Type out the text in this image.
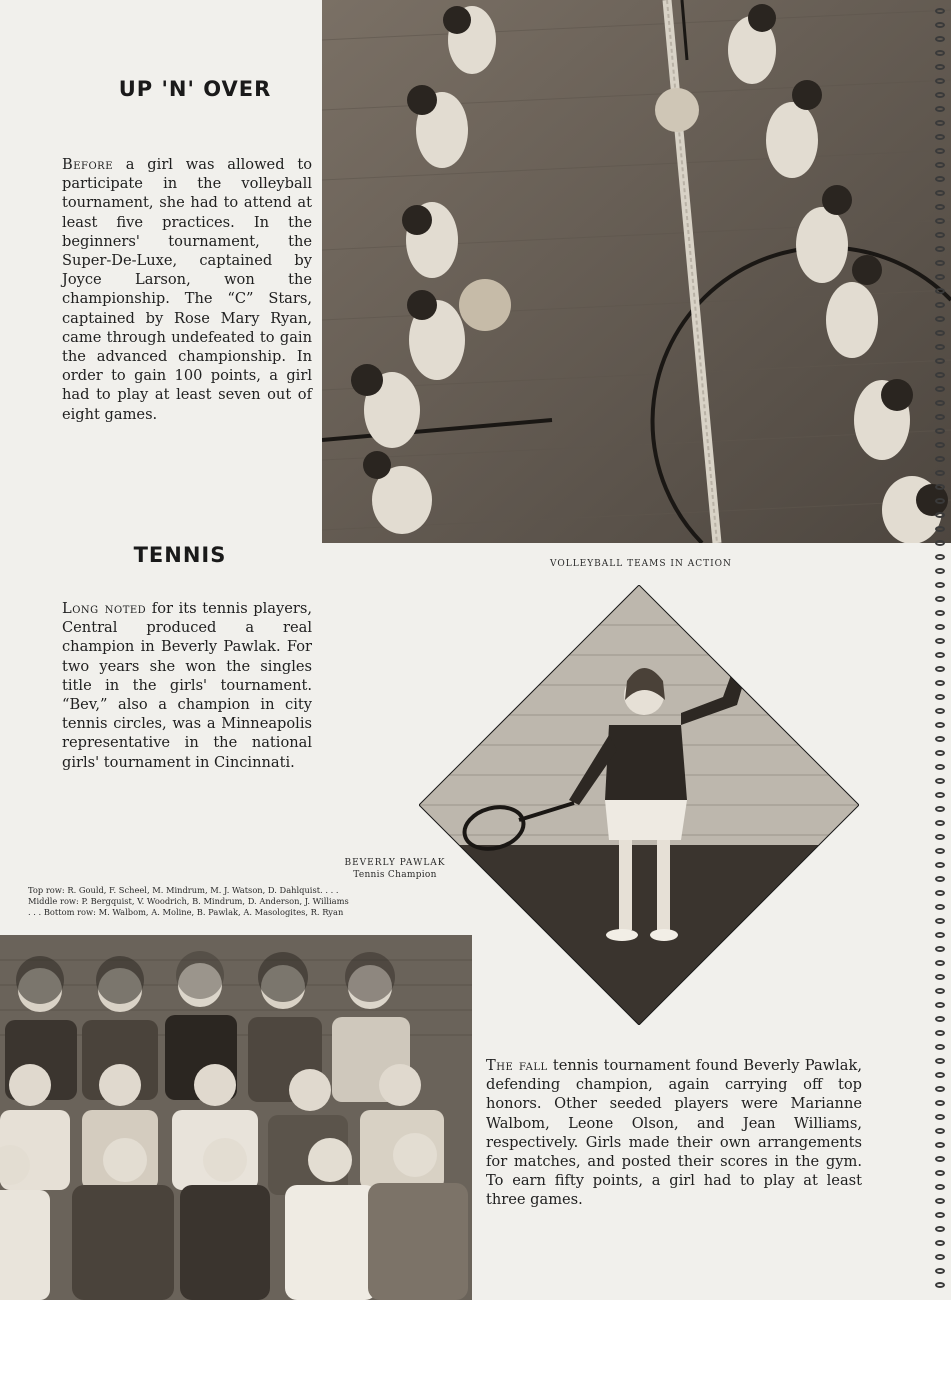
UP 'N' OVER
Before a girl was allowed to participate in the volleyball tournament, she had to attend at least five practices. In the beginners' tournament, the Super-De-Luxe, captained by Joyce Larson, won the championship. The “C” Stars, captained by Rose Mary Ryan, came through undefeated to gain the advanced championship. In order to gain 100 points, a girl had to play at least seven out of eight games.
TENNIS	VOLLEYBALL TEAMS IN ACTION
Long noted for its tennis players, Central produced a real champion in Beverly Pawlak. For two years she won the singles title in the girls' tournament. “Bev,” also a champion in city tennis circles, was a Minneapolis representative in the national girls' tournament in Cincinnati.
BEVERLY PAWLAK
Tennis Champion
Top row: R. Gould, F. Scheel, M. Mindrum, M. J. Watson, D. Dahlquist. . . .
Middle row: P. Bergquist, V. Woodrich, B. Mindrum, D. Anderson, J. Williams
. . . Bottom row: M. Walbom, A. Moline, B. Pawlak, A. Masologites, R. Ryan
The fall tennis tournament found Beverly Pawlak, defending champion, again carrying off top honors. Other seeded players were Marianne Walbom, Leone Olson, and Jean Williams, respectively. Girls made their own arrangements for matches, and posted their scores in the gym. To earn fifty points, a girl had to play at least three games.
